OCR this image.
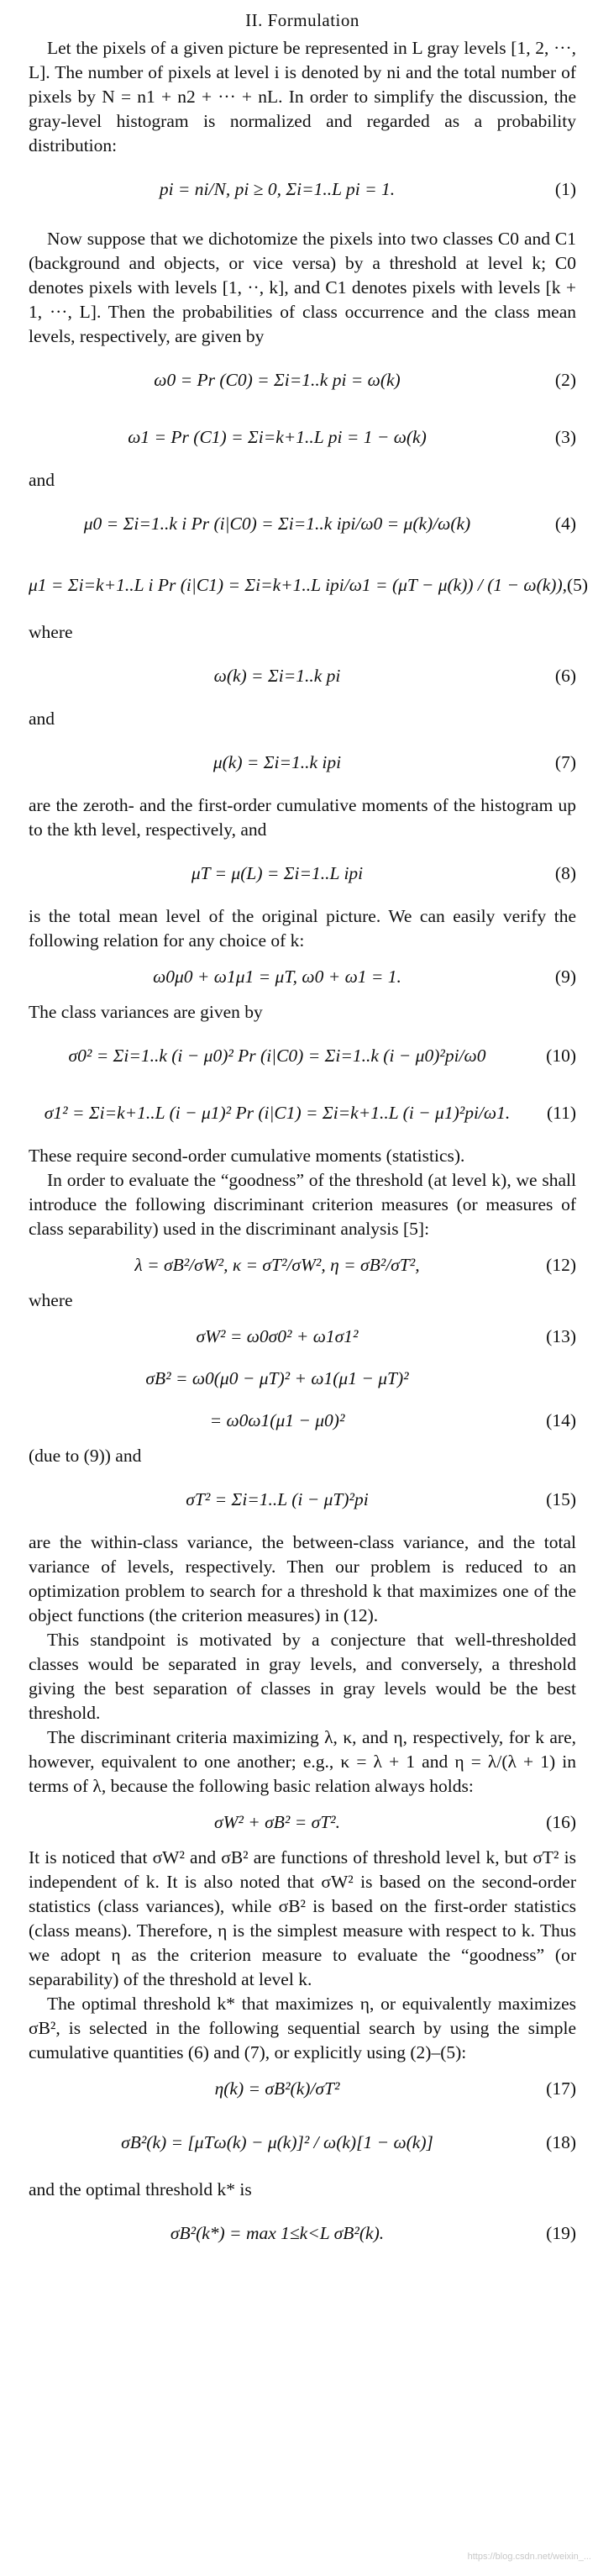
II. Formulation

Let the pixels of a given picture be represented in L gray levels [1, 2, ···, L]. The number of pixels at level i is denoted by ni and the total number of pixels by N = n1 + n2 + ··· + nL. In order to simplify the discussion, the gray-level histogram is normalized and regarded as a probability distribution:

pi = ni/N, pi ≥ 0, Σi=1..L pi = 1.	(1)

Now suppose that we dichotomize the pixels into two classes C0 and C1 (background and objects, or vice versa) by a threshold at level k; C0 denotes pixels with levels [1, ··, k], and C1 denotes pixels with levels [k + 1, ···, L]. Then the probabilities of class occurrence and the class mean levels, respectively, are given by

ω0 = Pr (C0) = Σi=1..k pi = ω(k)	(2)
ω1 = Pr (C1) = Σi=k+1..L pi = 1 − ω(k)	(3)

and

μ0 = Σi=1..k i Pr (i|C0) = Σi=1..k ipi/ω0 = μ(k)/ω(k)	(4)
μ1 = Σi=k+1..L i Pr (i|C1) = Σi=k+1..L ipi/ω1 = (μT − μ(k)) / (1 − ω(k)), (5)

where

ω(k) = Σi=1..k pi	(6)

and

μ(k) = Σi=1..k ipi	(7)

are the zeroth- and the first-order cumulative moments of the histogram up to the kth level, respectively, and

μT = μ(L) = Σi=1..L ipi	(8)

is the total mean level of the original picture. We can easily verify the following relation for any choice of k:

ω0μ0 + ω1μ1 = μT, ω0 + ω1 = 1.	(9)

The class variances are given by

σ0² = Σi=1..k (i − μ0)² Pr (i|C0) = Σi=1..k (i − μ0)²pi/ω0	(10)
σ1² = Σi=k+1..L (i − μ1)² Pr (i|C1) = Σi=k+1..L (i − μ1)²pi/ω1.	(11)

These require second-order cumulative moments (statistics).

In order to evaluate the “goodness” of the threshold (at level k), we shall introduce the following discriminant criterion measures (or measures of class separability) used in the discriminant analysis [5]:

λ = σB²/σW², κ = σT²/σW², η = σB²/σT²,	(12)

where

σW² = ω0σ0² + ω1σ1²	(13)
σB² = ω0(μ0 − μT)² + ω1(μ1 − μT)²
= ω0ω1(μ1 − μ0)²	(14)

(due to (9)) and

σT² = Σi=1..L (i − μT)²pi	(15)

are the within-class variance, the between-class variance, and the total variance of levels, respectively. Then our problem is reduced to an optimization problem to search for a threshold k that maximizes one of the object functions (the criterion measures) in (12).

This standpoint is motivated by a conjecture that well-thresholded classes would be separated in gray levels, and conversely, a threshold giving the best separation of classes in gray levels would be the best threshold.

The discriminant criteria maximizing λ, κ, and η, respectively, for k are, however, equivalent to one another; e.g., κ = λ + 1 and η = λ/(λ + 1) in terms of λ, because the following basic relation always holds:

σW² + σB² = σT².	(16)

It is noticed that σW² and σB² are functions of threshold level k, but σT² is independent of k. It is also noted that σW² is based on the second-order statistics (class variances), while σB² is based on the first-order statistics (class means). Therefore, η is the simplest measure with respect to k. Thus we adopt η as the criterion measure to evaluate the “goodness” (or separability) of the threshold at level k.

The optimal threshold k* that maximizes η, or equivalently maximizes σB², is selected in the following sequential search by using the simple cumulative quantities (6) and (7), or explicitly using (2)–(5):

η(k) = σB²(k)/σT²	(17)
σB²(k) = [μTω(k) − μ(k)]² / ω(k)[1 − ω(k)]	(18)

and the optimal threshold k* is

σB²(k*) = max 1≤k<L σB²(k).	(19)
https://blog.csdn.net/weixin_...
